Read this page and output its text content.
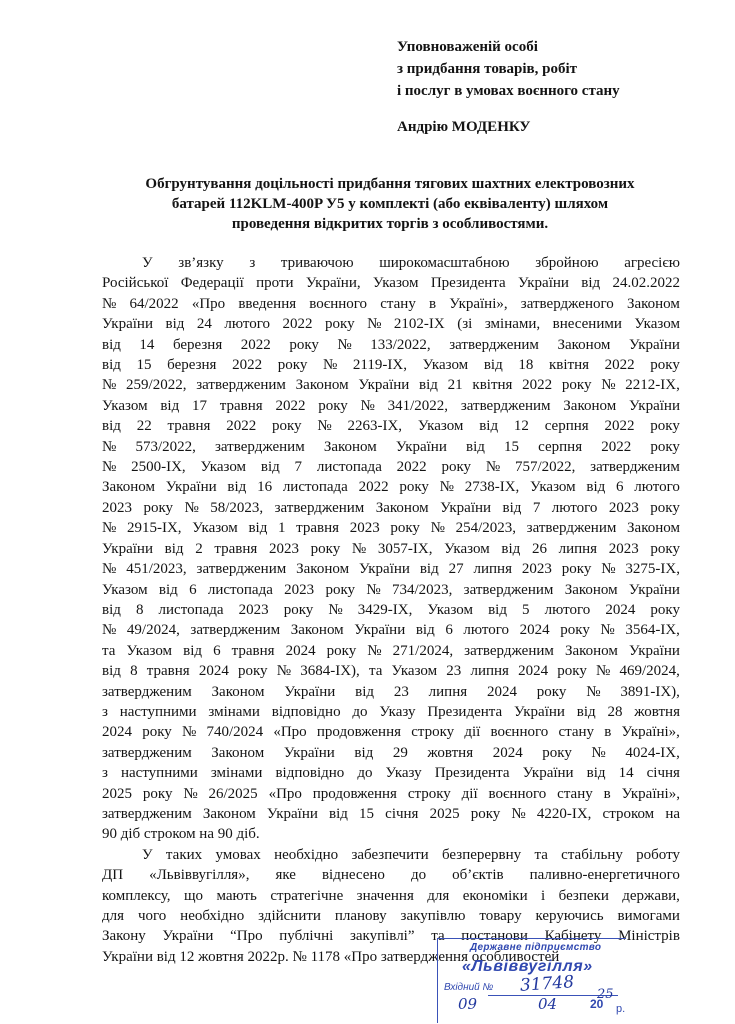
Уповноваженій особі
з придбання товарів, робіт
і послуг в умовах воєнного стану
Андрію МОДЕНКУ
Обгрунтування доцільності придбання тягових шахтних електровозних
батарей 112KLM-400P У5 у комплекті (або еквіваленту) шляхом
проведення відкритих торгів з особливостями.
У зв’язку з триваючою широкомасштабною збройною агресією
Російської Федерації проти України, Указом Президента України від 24.02.2022
№ 64/2022 «Про введення воєнного стану в Україні», затвердженого Законом
України від 24 лютого 2022 року № 2102-IX (зі змінами, внесеними Указом
від 14 березня 2022 року № 133/2022, затвердженим Законом України
від 15 березня 2022 року № 2119-IX, Указом від 18 квітня 2022 року
№ 259/2022, затвердженим Законом України від 21 квітня 2022 року № 2212-IX,
Указом від 17 травня 2022 року № 341/2022, затвердженим Законом України
від 22 травня 2022 року № 2263-IX, Указом від 12 серпня 2022 року
№ 573/2022, затвердженим Законом України від 15 серпня 2022 року
№ 2500-IX, Указом від 7 листопада 2022 року № 757/2022, затвердженим
Законом України від 16 листопада 2022 року № 2738-IX, Указом від 6 лютого
2023 року № 58/2023, затвердженим Законом України від 7 лютого 2023 року
№ 2915-IX, Указом від 1 травня 2023 року № 254/2023, затвердженим Законом
України від 2 травня 2023 року № 3057-IX, Указом від 26 липня 2023 року
№ 451/2023, затвердженим Законом України від 27 липня 2023 року № 3275-IX,
Указом від 6 листопада 2023 року № 734/2023, затвердженим Законом України
від 8 листопада 2023 року № 3429-IX, Указом від 5 лютого 2024 року
№ 49/2024, затвердженим Законом України від 6 лютого 2024 року № 3564-IX,
та Указом від 6 травня 2024 року № 271/2024, затвердженим Законом України
від 8 травня 2024 року № 3684-IX), та Указом 23 липня 2024 року № 469/2024,
затвердженим Законом України від 23 липня 2024 року № 3891-IX),
з наступними змінами відповідно до Указу Президента України від 28 жовтня
2024 року № 740/2024 «Про продовження строку дії воєнного стану в Україні»,
затвердженим Законом України від 29 жовтня 2024 року № 4024-IX,
з наступними змінами відповідно до Указу Президента України від 14 січня
2025 року № 26/2025 «Про продовження строку дії воєнного стану в Україні»,
затвердженим Законом України від 15 січня 2025 року № 4220-IX, строком на
90 діб строком на 90 діб.
У таких умовах необхідно забезпечити безперервну та стабільну роботу
ДП «Львіввугілля», яке віднесено до об’єктів паливно-енергетичного
комплексу, що мають стратегічне значення для економіки і безпеки держави,
для чого необхідно здійснити планову закупівлю товару керуючись вимогами
Закону України “Про публічні закупівлі” та постанови Кабінету Міністрів
України від 12 жовтня 2022р. № 1178 «Про затвердження особливостей
Державне підприємство
«Львіввугілля»
Вхідний № 31748
09	04	20
25
р.
